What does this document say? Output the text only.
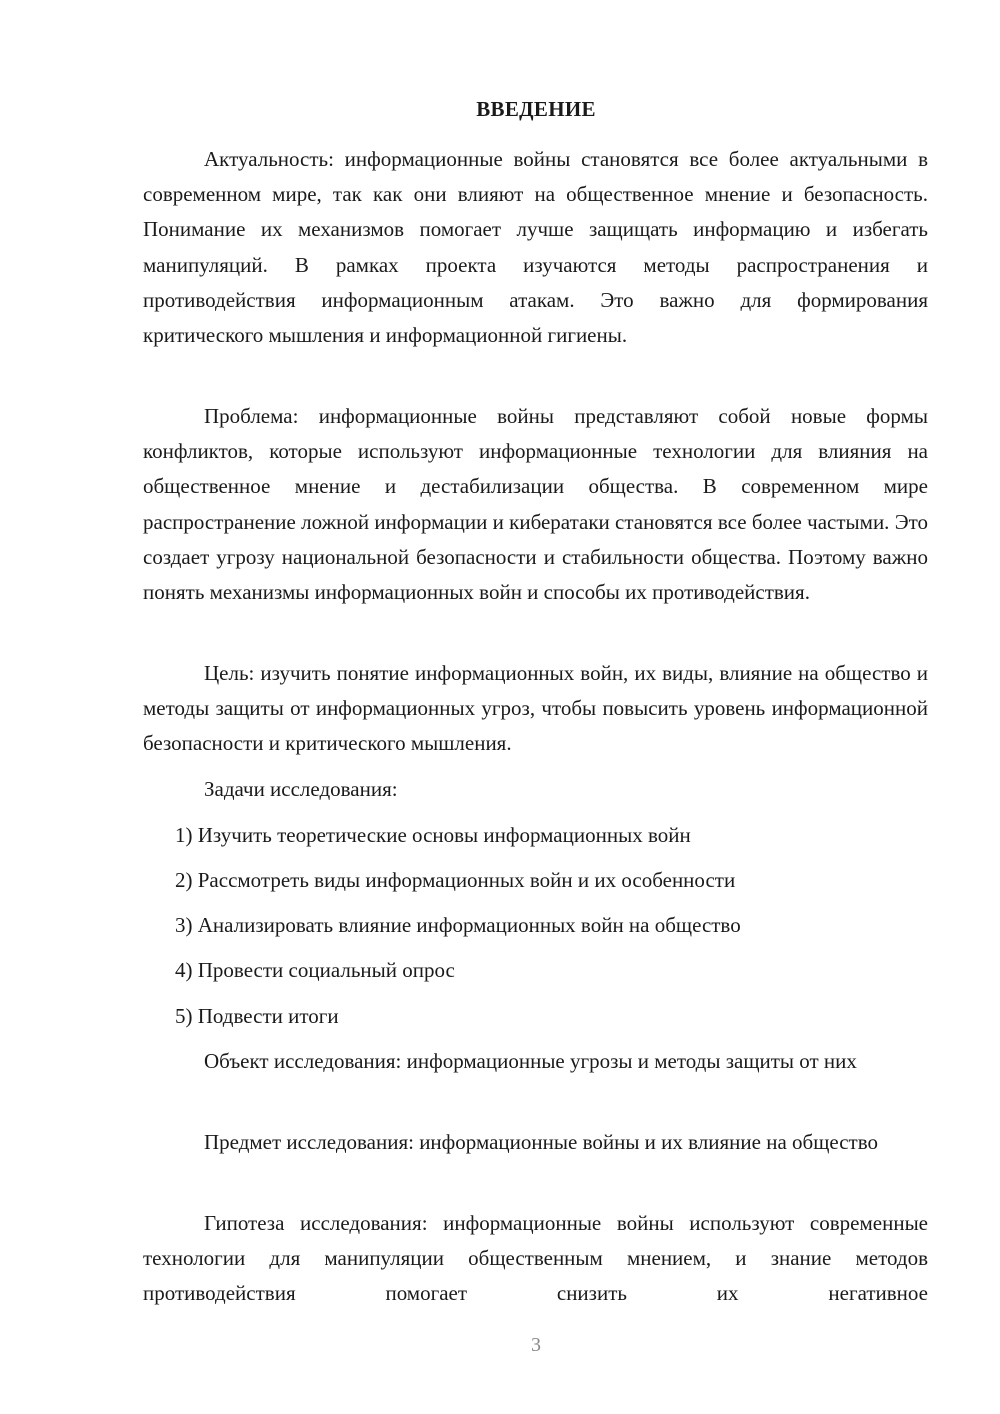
ВВЕДЕНИЕ

Актуальность: информационные войны становятся все более актуальными в современном мире, так как они влияют на общественное мнение и безопасность. Понимание их механизмов помогает лучше защищать информацию и избегать манипуляций. В рамках проекта изучаются методы распространения и противодействия информационным атакам. Это важно для формирования критического мышления и информационной гигиены.

Проблема: информационные войны представляют собой новые формы конфликтов, которые используют информационные технологии для влияния на общественное мнение и дестабилизации общества. В современном мире распространение ложной информации и кибератаки становятся все более частыми. Это создает угрозу национальной безопасности и стабильности общества. Поэтому важно понять механизмы информационных войн и способы их противодействия.

Цель: изучить понятие информационных войн, их виды, влияние на общество и методы защиты от информационных угроз, чтобы повысить уровень информационной безопасности и критического мышления.

Задачи исследования:

1) Изучить теоретические основы информационных войн

2) Рассмотреть виды информационных войн и их особенности

3) Анализировать влияние информационных войн на общество

4) Провести социальный опрос

5) Подвести итоги

Объект исследования: информационные угрозы и методы защиты от них

Предмет исследования: информационные войны и их влияние на общество

Гипотеза исследования: информационные войны используют современные технологии для манипуляции общественным мнением, и знание методов противодействия помогает снизить их негативное

3
